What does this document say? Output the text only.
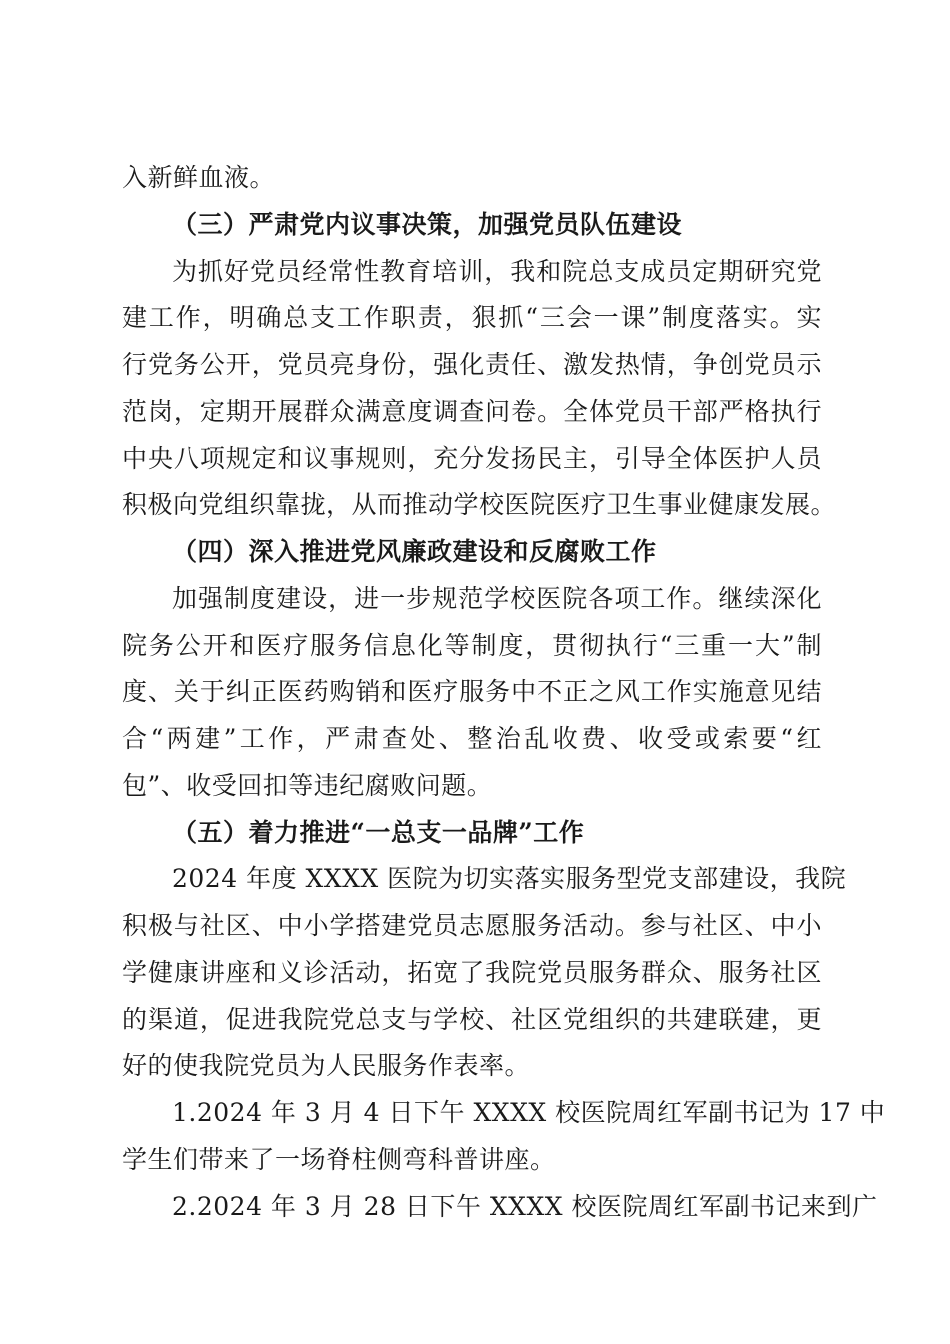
入新鲜血液。
（三）严肃党内议事决策，加强党员队伍建设
为抓好党员经常性教育培训，我和院总支成员定期研究党
建工作，明确总支工作职责，狠抓“三会一课”制度落实。实
行党务公开，党员亮身份，强化责任、激发热情，争创党员示
范岗，定期开展群众满意度调查问卷。全体党员干部严格执行
中央八项规定和议事规则，充分发扬民主，引导全体医护人员
积极向党组织靠拢，从而推动学校医院医疗卫生事业健康发展。
（四）深入推进党风廉政建设和反腐败工作
加强制度建设，进一步规范学校医院各项工作。继续深化
院务公开和医疗服务信息化等制度，贯彻执行“三重一大”制
度、关于纠正医药购销和医疗服务中不正之风工作实施意见结
合“两建”工作，严肃查处、整治乱收费、收受或索要“红
包”、收受回扣等违纪腐败问题。
（五）着力推进“一总支一品牌”工作
2024 年度 XXXX 医院为切实落实服务型党支部建设，我院
积极与社区、中小学搭建党员志愿服务活动。参与社区、中小
学健康讲座和义诊活动，拓宽了我院党员服务群众、服务社区
的渠道，促进我院党总支与学校、社区党组织的共建联建，更
好的使我院党员为人民服务作表率。
1.2024 年 3 月 4 日下午 XXXX 校医院周红军副书记为 17 中
学生们带来了一场脊柱侧弯科普讲座。
2.2024 年 3 月 28 日下午 XXXX 校医院周红军副书记来到广
